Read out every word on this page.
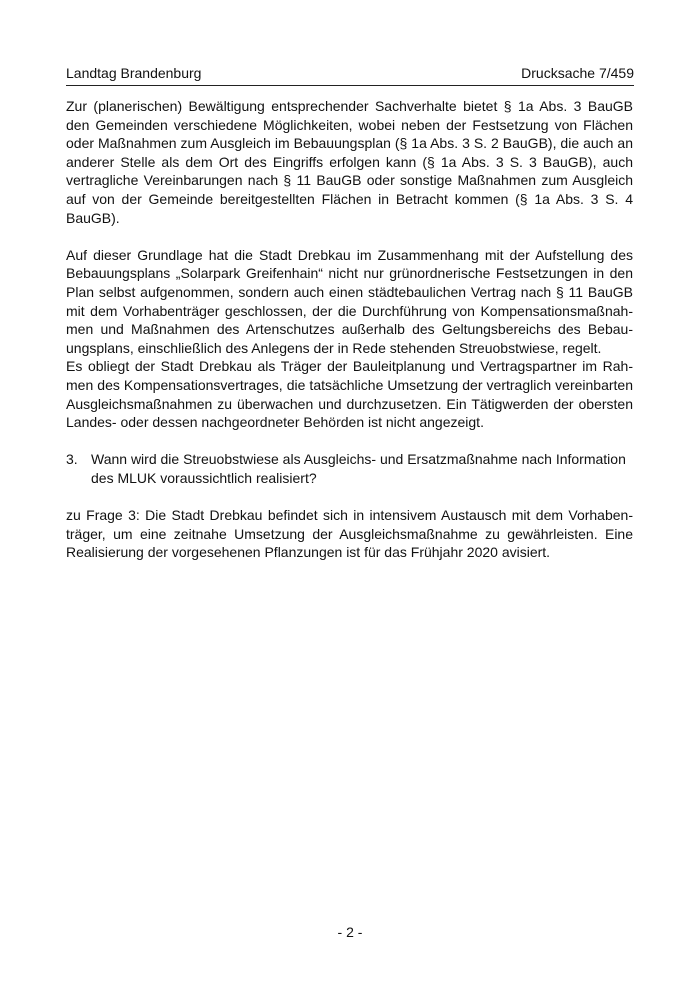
Landtag Brandenburg	Drucksache 7/459

Zur (planerischen) Bewältigung entsprechender Sachverhalte bietet § 1a Abs. 3 BauGB den Gemeinden verschiedene Möglichkeiten, wobei neben der Festsetzung von Flächen oder Maßnahmen zum Ausgleich im Bebauungsplan (§ 1a Abs. 3 S. 2 BauGB), die auch an anderer Stelle als dem Ort des Eingriffs erfolgen kann (§ 1a Abs. 3 S. 3 BauGB), auch vertragliche Vereinbarungen nach § 11 BauGB oder sonstige Maßnahmen zum Ausgleich auf von der Gemeinde bereitgestellten Flächen in Betracht kommen (§ 1a Abs. 3 S. 4 BauGB).

Auf dieser Grundlage hat die Stadt Drebkau im Zusammenhang mit der Aufstellung des Bebauungsplans „Solarpark Greifenhain“ nicht nur grünordnerische Festsetzungen in den Plan selbst aufgenommen, sondern auch einen städtebaulichen Vertrag nach § 11 BauGB mit dem Vorhabenträger geschlossen, der die Durchführung von Kompensationsmaßnahmen und Maßnahmen des Artenschutzes außerhalb des Geltungsbereichs des Bebauungsplans, einschließlich des Anlegens der in Rede stehenden Streuobstwiese, regelt.

Es obliegt der Stadt Drebkau als Träger der Bauleitplanung und Vertragspartner im Rahmen des Kompensationsvertrages, die tatsächliche Umsetzung der vertraglich vereinbarten Ausgleichsmaßnahmen zu überwachen und durchzusetzen. Ein Tätigwerden der obersten Landes- oder dessen nachgeordneter Behörden ist nicht angezeigt.

3. Wann wird die Streuobstwiese als Ausgleichs- und Ersatzmaßnahme nach Information des MLUK voraussichtlich realisiert?

zu Frage 3: Die Stadt Drebkau befindet sich in intensivem Austausch mit dem Vorhabenträger, um eine zeitnahe Umsetzung der Ausgleichsmaßnahme zu gewährleisten. Eine Realisierung der vorgesehenen Pflanzungen ist für das Frühjahr 2020 avisiert.

- 2 -
